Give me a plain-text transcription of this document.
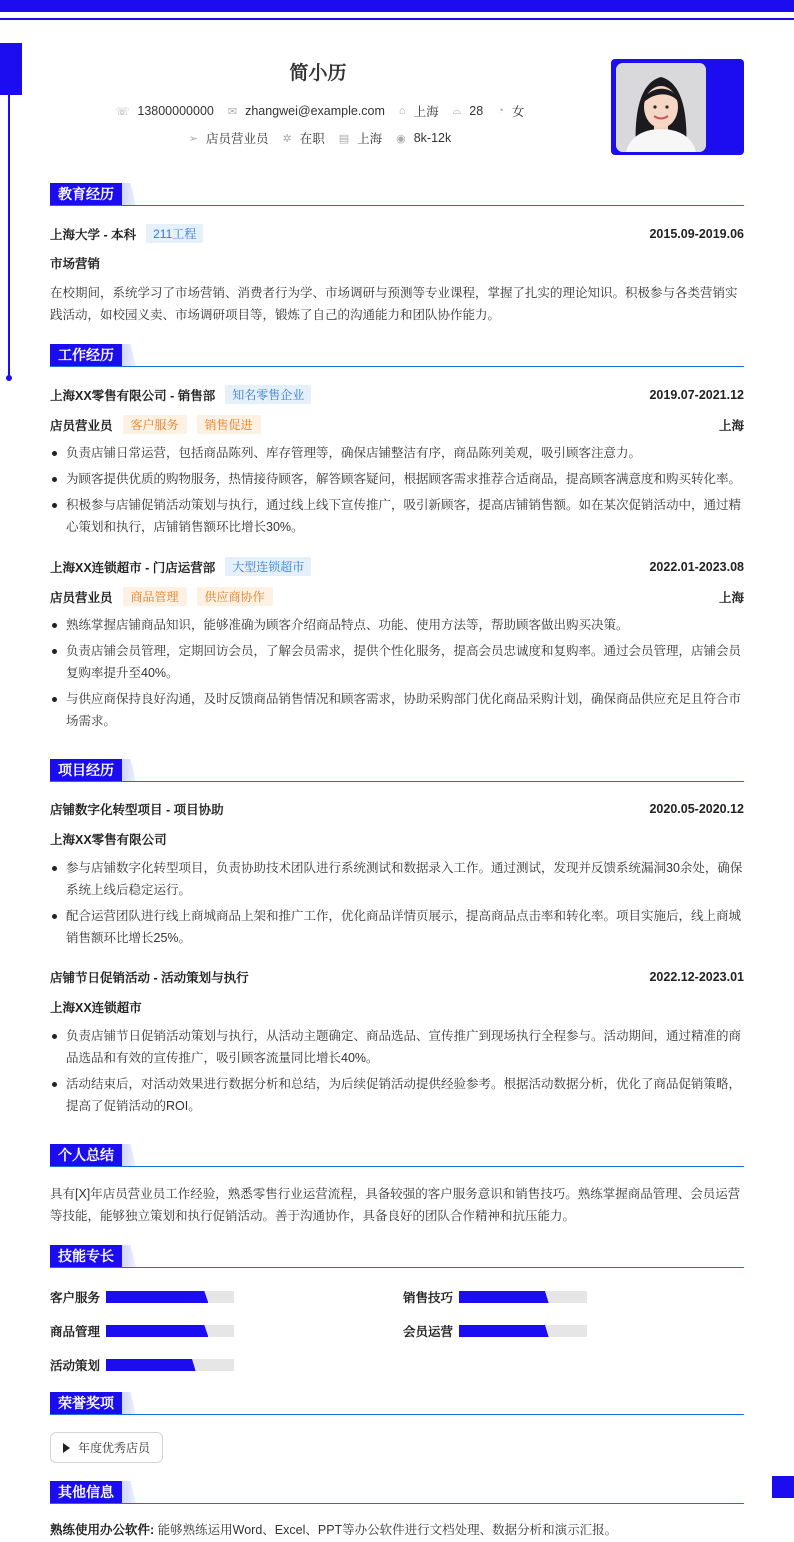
简小历
☏ 13800000000 ✉ zhangwei@example.com ⌂ 上海 ⌓ 28 ◔ 女
➢ 店员营业员 ✲ 在职 ▤ 上海 ◉ 8k-12k
教育经历
上海大学 - 本科	211工程	2015.09-2019.06
市场营销
在校期间，系统学习了市场营销、消费者行为学、市场调研与预测等专业课程，掌握了扎实的理论知识。积极参与各类营销实践活动，如校园义卖、市场调研项目等，锻炼了自己的沟通能力和团队协作能力。
工作经历
上海XX零售有限公司 - 销售部	知名零售企业	2019.07-2021.12
店员营业员	客户服务	销售促进	上海
负责店铺日常运营，包括商品陈列、库存管理等，确保店铺整洁有序，商品陈列美观，吸引顾客注意力。
为顾客提供优质的购物服务，热情接待顾客，解答顾客疑问，根据顾客需求推荐合适商品，提高顾客满意度和购买转化率。
积极参与店铺促销活动策划与执行，通过线上线下宣传推广，吸引新顾客，提高店铺销售额。如在某次促销活动中，通过精心策划和执行，店铺销售额环比增长30%。
上海XX连锁超市 - 门店运营部	大型连锁超市	2022.01-2023.08
店员营业员	商品管理	供应商协作	上海
熟练掌握店铺商品知识，能够准确为顾客介绍商品特点、功能、使用方法等，帮助顾客做出购买决策。
负责店铺会员管理，定期回访会员，了解会员需求，提供个性化服务，提高会员忠诚度和复购率。通过会员管理，店铺会员复购率提升至40%。
与供应商保持良好沟通，及时反馈商品销售情况和顾客需求，协助采购部门优化商品采购计划，确保商品供应充足且符合市场需求。
项目经历
店铺数字化转型项目 - 项目协助	2020.05-2020.12
上海XX零售有限公司
参与店铺数字化转型项目，负责协助技术团队进行系统测试和数据录入工作。通过测试，发现并反馈系统漏洞30余处，确保系统上线后稳定运行。
配合运营团队进行线上商城商品上架和推广工作，优化商品详情页展示，提高商品点击率和转化率。项目实施后，线上商城销售额环比增长25%。
店铺节日促销活动 - 活动策划与执行	2022.12-2023.01
上海XX连锁超市
负责店铺节日促销活动策划与执行，从活动主题确定、商品选品、宣传推广到现场执行全程参与。活动期间，通过精准的商品选品和有效的宣传推广，吸引顾客流量同比增长40%。
活动结束后，对活动效果进行数据分析和总结，为后续促销活动提供经验参考。根据活动数据分析，优化了商品促销策略，提高了促销活动的ROI。
个人总结
具有[X]年店员营业员工作经验，熟悉零售行业运营流程，具备较强的客户服务意识和销售技巧。熟练掌握商品管理、会员运营等技能，能够独立策划和执行促销活动。善于沟通协作，具备良好的团队合作精神和抗压能力。
技能专长
客户服务	销售技巧
商品管理	会员运营
活动策划
荣誉奖项
年度优秀店员
其他信息
熟练使用办公软件: 能够熟练运用Word、Excel、PPT等办公软件进行文档处理、数据分析和演示汇报。
